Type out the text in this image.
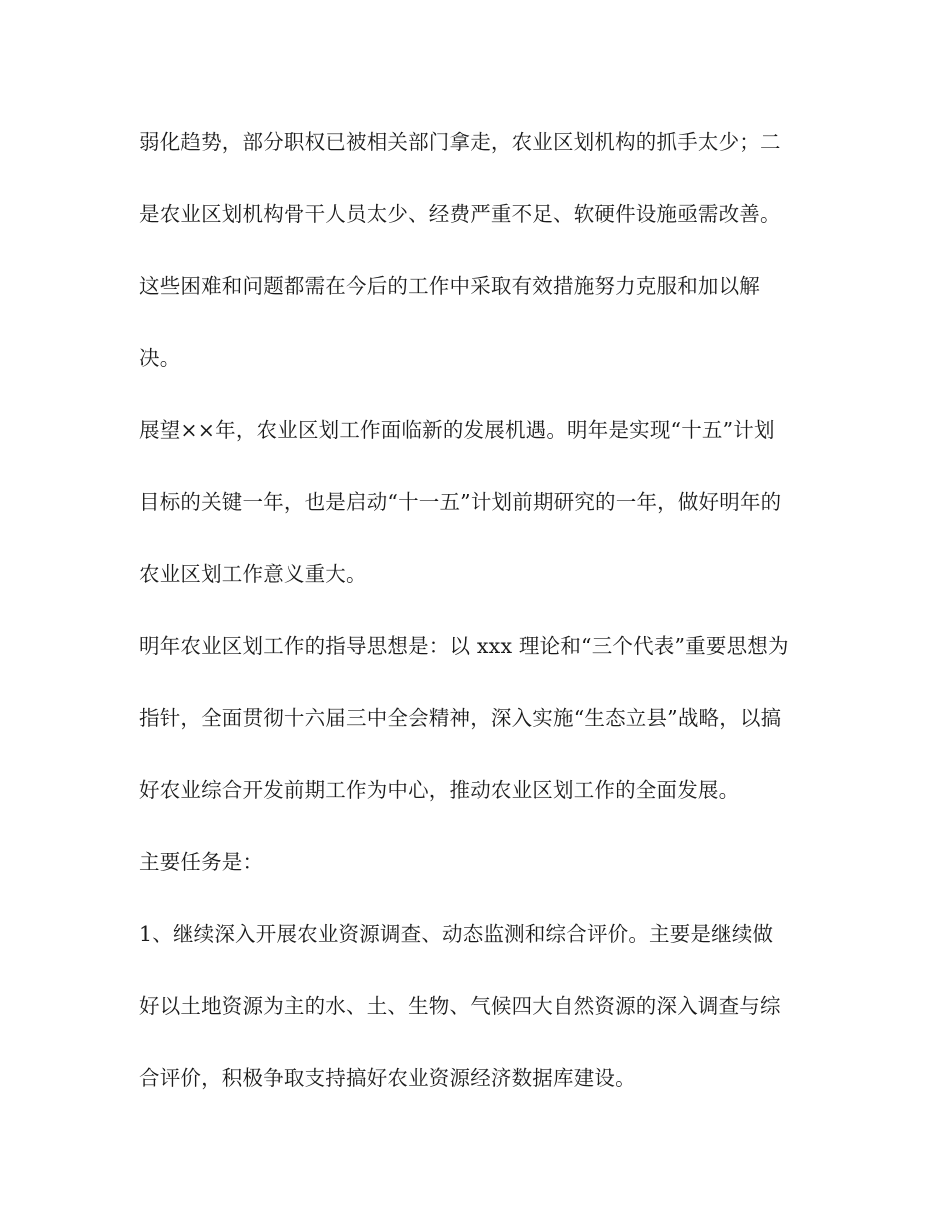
弱化趋势，部分职权已被相关部门拿走，农业区划机构的抓手太少；二
是农业区划机构骨干人员太少、经费严重不足、软硬件设施亟需改善。
这些困难和问题都需在今后的工作中采取有效措施努力克服和加以解
决。
展望××年，农业区划工作面临新的发展机遇。明年是实现“十五”计划
目标的关键一年，也是启动“十一五”计划前期研究的一年，做好明年的
农业区划工作意义重大。
明年农业区划工作的指导思想是：以 xxx 理论和“三个代表”重要思想为
指针，全面贯彻十六届三中全会精神，深入实施“生态立县”战略，以搞
好农业综合开发前期工作为中心，推动农业区划工作的全面发展。
主要任务是：
1、继续深入开展农业资源调查、动态监测和综合评价。主要是继续做
好以土地资源为主的水、土、生物、气候四大自然资源的深入调查与综
合评价，积极争取支持搞好农业资源经济数据库建设。
